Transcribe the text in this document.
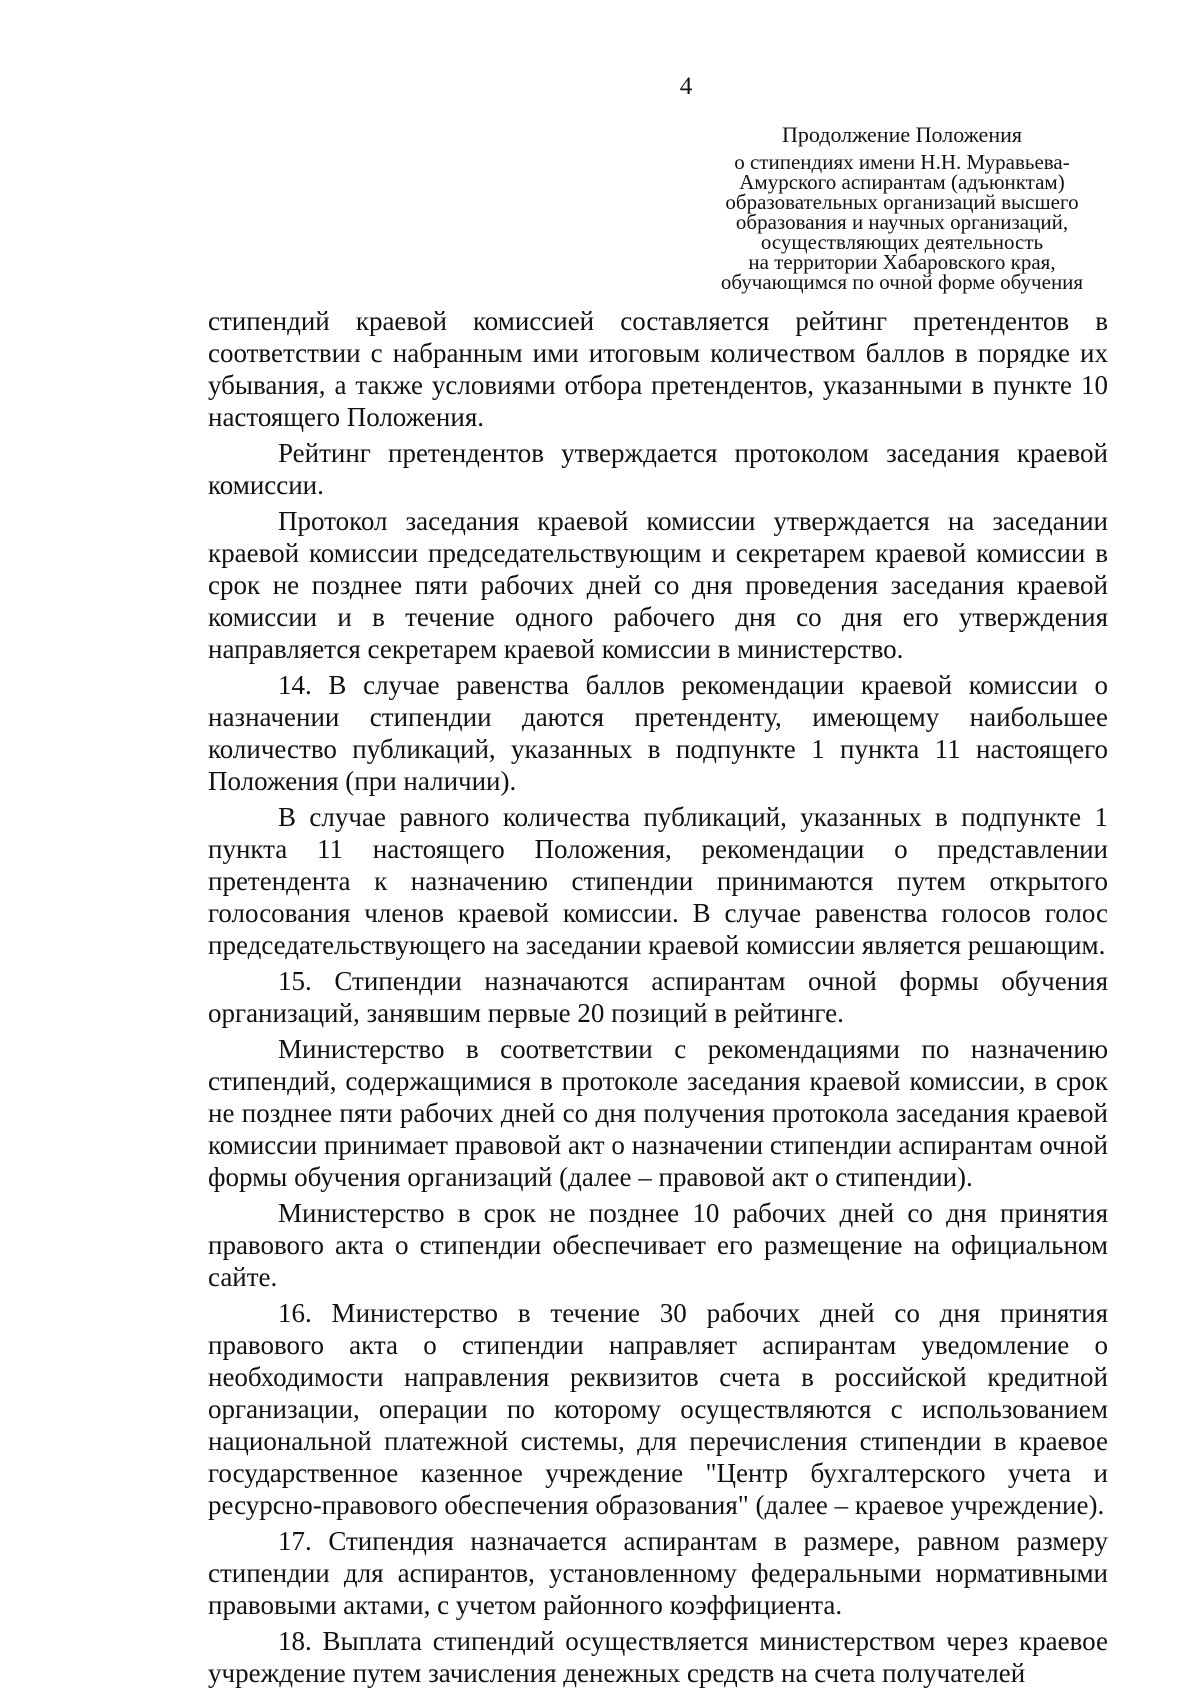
4
Продолжение Положения
о стипендиях имени Н.Н. Муравьева-
Амурского аспирантам (адъюнктам)
образовательных организаций высшего
образования и научных организаций,
осуществляющих деятельность
на территории Хабаровского края,
обучающимся по очной форме обучения

стипендий краевой комиссией составляется рейтинг претендентов в соответствии с набранным ими итоговым количеством баллов в порядке их убывания, а также условиями отбора претендентов, указанными в пункте 10 настоящего Положения.

Рейтинг претендентов утверждается протоколом заседания краевой комиссии.

Протокол заседания краевой комиссии утверждается на заседании краевой комиссии председательствующим и секретарем краевой комиссии в срок не позднее пяти рабочих дней со дня проведения заседания краевой комиссии и в течение одного рабочего дня со дня его утверждения направляется секретарем краевой комиссии в министерство.

14. В случае равенства баллов рекомендации краевой комиссии о назначении стипендии даются претенденту, имеющему наибольшее количество публикаций, указанных в подпункте 1 пункта 11 настоящего Положения (при наличии).

В случае равного количества публикаций, указанных в подпункте 1 пункта 11 настоящего Положения, рекомендации о представлении претендента к назначению стипендии принимаются путем открытого голосования членов краевой комиссии. В случае равенства голосов голос председательствующего на заседании краевой комиссии является решающим.

15. Стипендии назначаются аспирантам очной формы обучения организаций, занявшим первые 20 позиций в рейтинге.

Министерство в соответствии с рекомендациями по назначению стипендий, содержащимися в протоколе заседания краевой комиссии, в срок не позднее пяти рабочих дней со дня получения протокола заседания краевой комиссии принимает правовой акт о назначении стипендии аспирантам очной формы обучения организаций (далее – правовой акт о стипендии).

Министерство в срок не позднее 10 рабочих дней со дня принятия правового акта о стипендии обеспечивает его размещение на официальном сайте.

16. Министерство в течение 30 рабочих дней со дня принятия правового акта о стипендии направляет аспирантам уведомление о необходимости направления реквизитов счета в российской кредитной организации, операции по которому осуществляются с использованием национальной платежной системы, для перечисления стипендии в краевое государственное казенное учреждение "Центр бухгалтерского учета и ресурсно-правового обеспечения образования" (далее – краевое учреждение).

17. Стипендия назначается аспирантам в размере, равном размеру стипендии для аспирантов, установленному федеральными нормативными правовыми актами, с учетом районного коэффициента.

18. Выплата стипендий осуществляется министерством через краевое учреждение путем зачисления денежных средств на счета получателей
